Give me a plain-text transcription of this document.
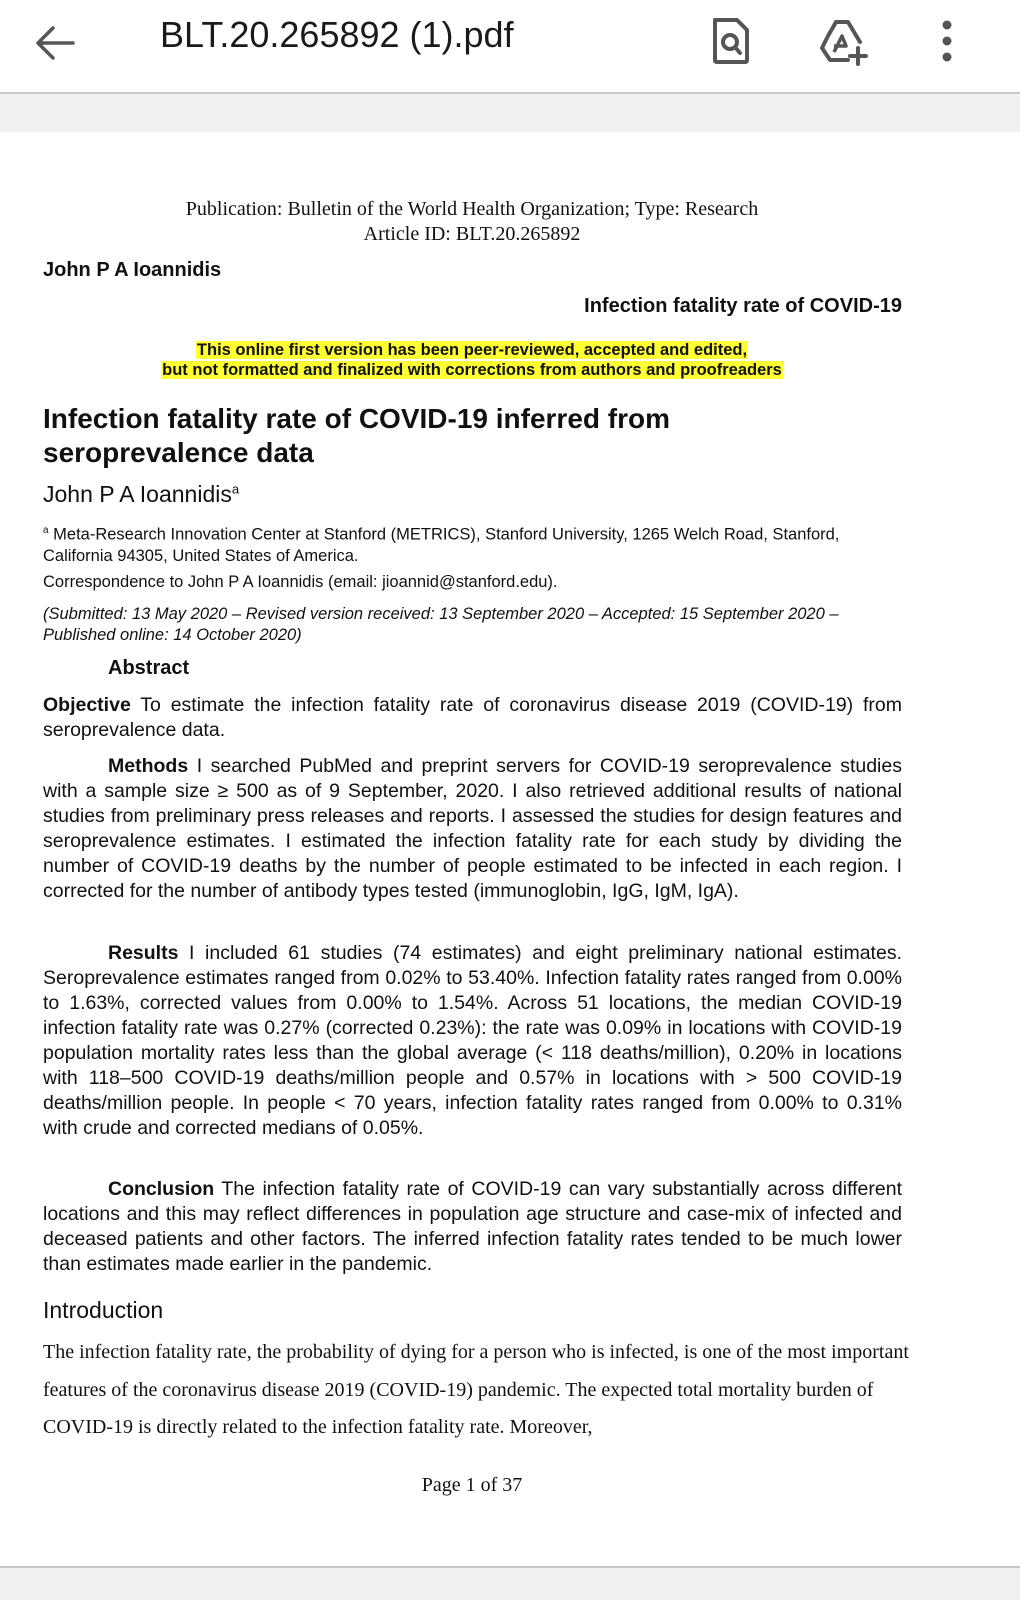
BLT.20.265892 (1).pdf
Publication: Bulletin of the World Health Organization; Type: Research
Article ID: BLT.20.265892
John P A Ioannidis
Infection fatality rate of COVID-19
This online first version has been peer-reviewed, accepted and edited,
but not formatted and finalized with corrections from authors and proofreaders
Infection fatality rate of COVID-19 inferred from seroprevalence data
John P A Ioannidis$^a$
$^a$ Meta-Research Innovation Center at Stanford (METRICS), Stanford University, 1265 Welch Road, Stanford, California 94305, United States of America.
Correspondence to John P A Ioannidis (email: jioannid@stanford.edu).
(Submitted: 13 May 2020 – Revised version received: 13 September 2020 – Accepted: 15 September 2020 – Published online: 14 October 2020)
Abstract
Objective To estimate the infection fatality rate of coronavirus disease 2019 (COVID-19) from seroprevalence data.
Methods I searched PubMed and preprint servers for COVID-19 seroprevalence studies with a sample size ≥ 500 as of 9 September, 2020. I also retrieved additional results of national studies from preliminary press releases and reports. I assessed the studies for design features and seroprevalence estimates. I estimated the infection fatality rate for each study by dividing the number of COVID-19 deaths by the number of people estimated to be infected in each region. I corrected for the number of antibody types tested (immunoglobin, IgG, IgM, IgA).
Results I included 61 studies (74 estimates) and eight preliminary national estimates. Seroprevalence estimates ranged from 0.02% to 53.40%. Infection fatality rates ranged from 0.00% to 1.63%, corrected values from 0.00% to 1.54%. Across 51 locations, the median COVID-19 infection fatality rate was 0.27% (corrected 0.23%): the rate was 0.09% in locations with COVID-19 population mortality rates less than the global average (< 118 deaths/million), 0.20% in locations with 118–500 COVID-19 deaths/million people and 0.57% in locations with > 500 COVID-19 deaths/million people. In people < 70 years, infection fatality rates ranged from 0.00% to 0.31% with crude and corrected medians of 0.05%.
Conclusion The infection fatality rate of COVID-19 can vary substantially across different locations and this may reflect differences in population age structure and case-mix of infected and deceased patients and other factors. The inferred infection fatality rates tended to be much lower than estimates made earlier in the pandemic.
Introduction
The infection fatality rate, the probability of dying for a person who is infected, is one of the most important features of the coronavirus disease 2019 (COVID-19) pandemic. The expected total mortality burden of COVID-19 is directly related to the infection fatality rate. Moreover,
Page 1 of 37
